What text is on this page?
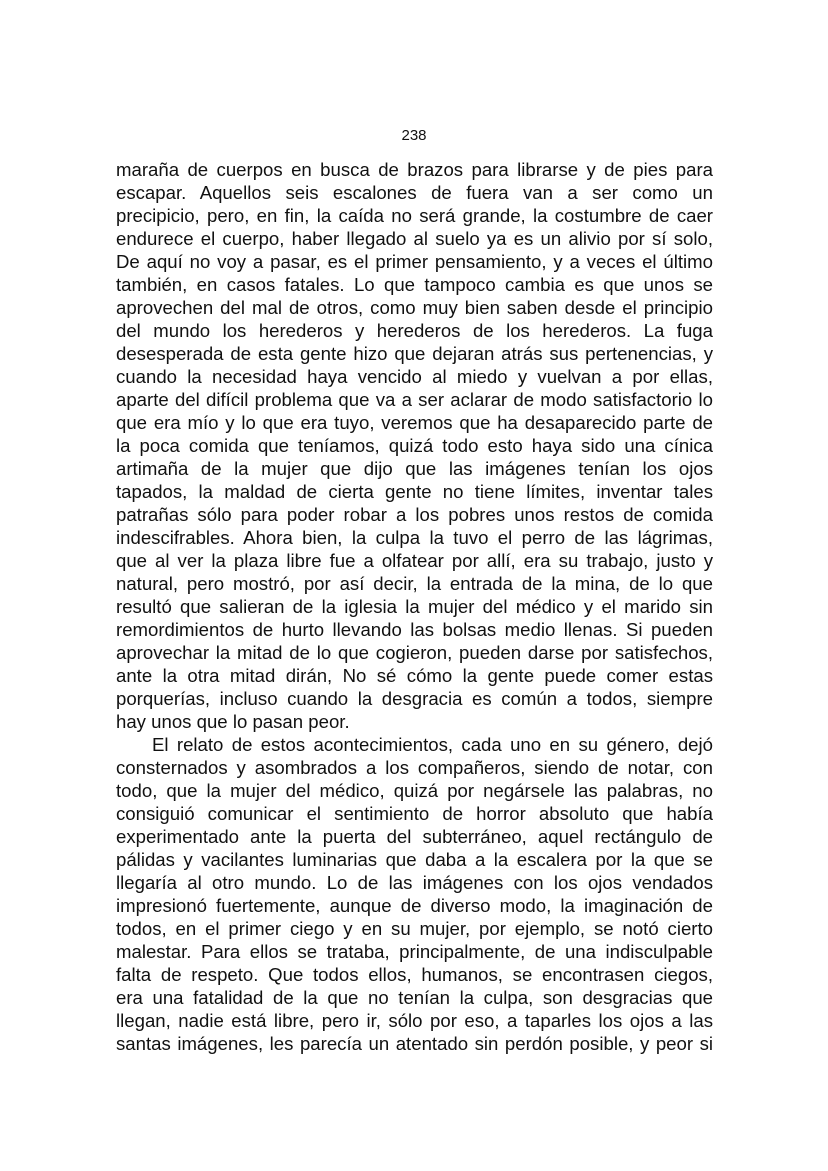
238
maraña de cuerpos en busca de brazos para librarse y de pies para
escapar. Aquellos seis escalones de fuera van a ser como un
precipicio, pero, en fin, la caída no será grande, la costumbre de caer
endurece el cuerpo, haber llegado al suelo ya es un alivio por sí solo,
De aquí no voy a pasar, es el primer pensamiento, y a veces el último
también, en casos fatales. Lo que tampoco cambia es que unos se
aprovechen del mal de otros, como muy bien saben desde el principio
del mundo los herederos y herederos de los herederos. La fuga
desesperada de esta gente hizo que dejaran atrás sus pertenencias, y
cuando la necesidad haya vencido al miedo y vuelvan a por ellas,
aparte del difícil problema que va a ser aclarar de modo satisfactorio lo
que era mío y lo que era tuyo, veremos que ha desaparecido parte de
la poca comida que teníamos, quizá todo esto haya sido una cínica
artimaña de la mujer que dijo que las imágenes tenían los ojos
tapados, la maldad de cierta gente no tiene límites, inventar tales
patrañas sólo para poder robar a los pobres unos restos de comida
indescifrables. Ahora bien, la culpa la tuvo el perro de las lágrimas,
que al ver la plaza libre fue a olfatear por allí, era su trabajo, justo y
natural, pero mostró, por así decir, la entrada de la mina, de lo que
resultó que salieran de la iglesia la mujer del médico y el marido sin
remordimientos de hurto llevando las bolsas medio llenas. Si pueden
aprovechar la mitad de lo que cogieron, pueden darse por satisfechos,
ante la otra mitad dirán, No sé cómo la gente puede comer estas
porquerías, incluso cuando la desgracia es común a todos, siempre
hay unos que lo pasan peor.
El relato de estos acontecimientos, cada uno en su género, dejó
consternados y asombrados a los compañeros, siendo de notar, con
todo, que la mujer del médico, quizá por negársele las palabras, no
consiguió comunicar el sentimiento de horror absoluto que había
experimentado ante la puerta del subterráneo, aquel rectángulo de
pálidas y vacilantes luminarias que daba a la escalera por la que se
llegaría al otro mundo. Lo de las imágenes con los ojos vendados
impresionó fuertemente, aunque de diverso modo, la imaginación de
todos, en el primer ciego y en su mujer, por ejemplo, se notó cierto
malestar. Para ellos se trataba, principalmente, de una indisculpable
falta de respeto. Que todos ellos, humanos, se encontrasen ciegos,
era una fatalidad de la que no tenían la culpa, son desgracias que
llegan, nadie está libre, pero ir, sólo por eso, a taparles los ojos a las
santas imágenes, les parecía un atentado sin perdón posible, y peor si
